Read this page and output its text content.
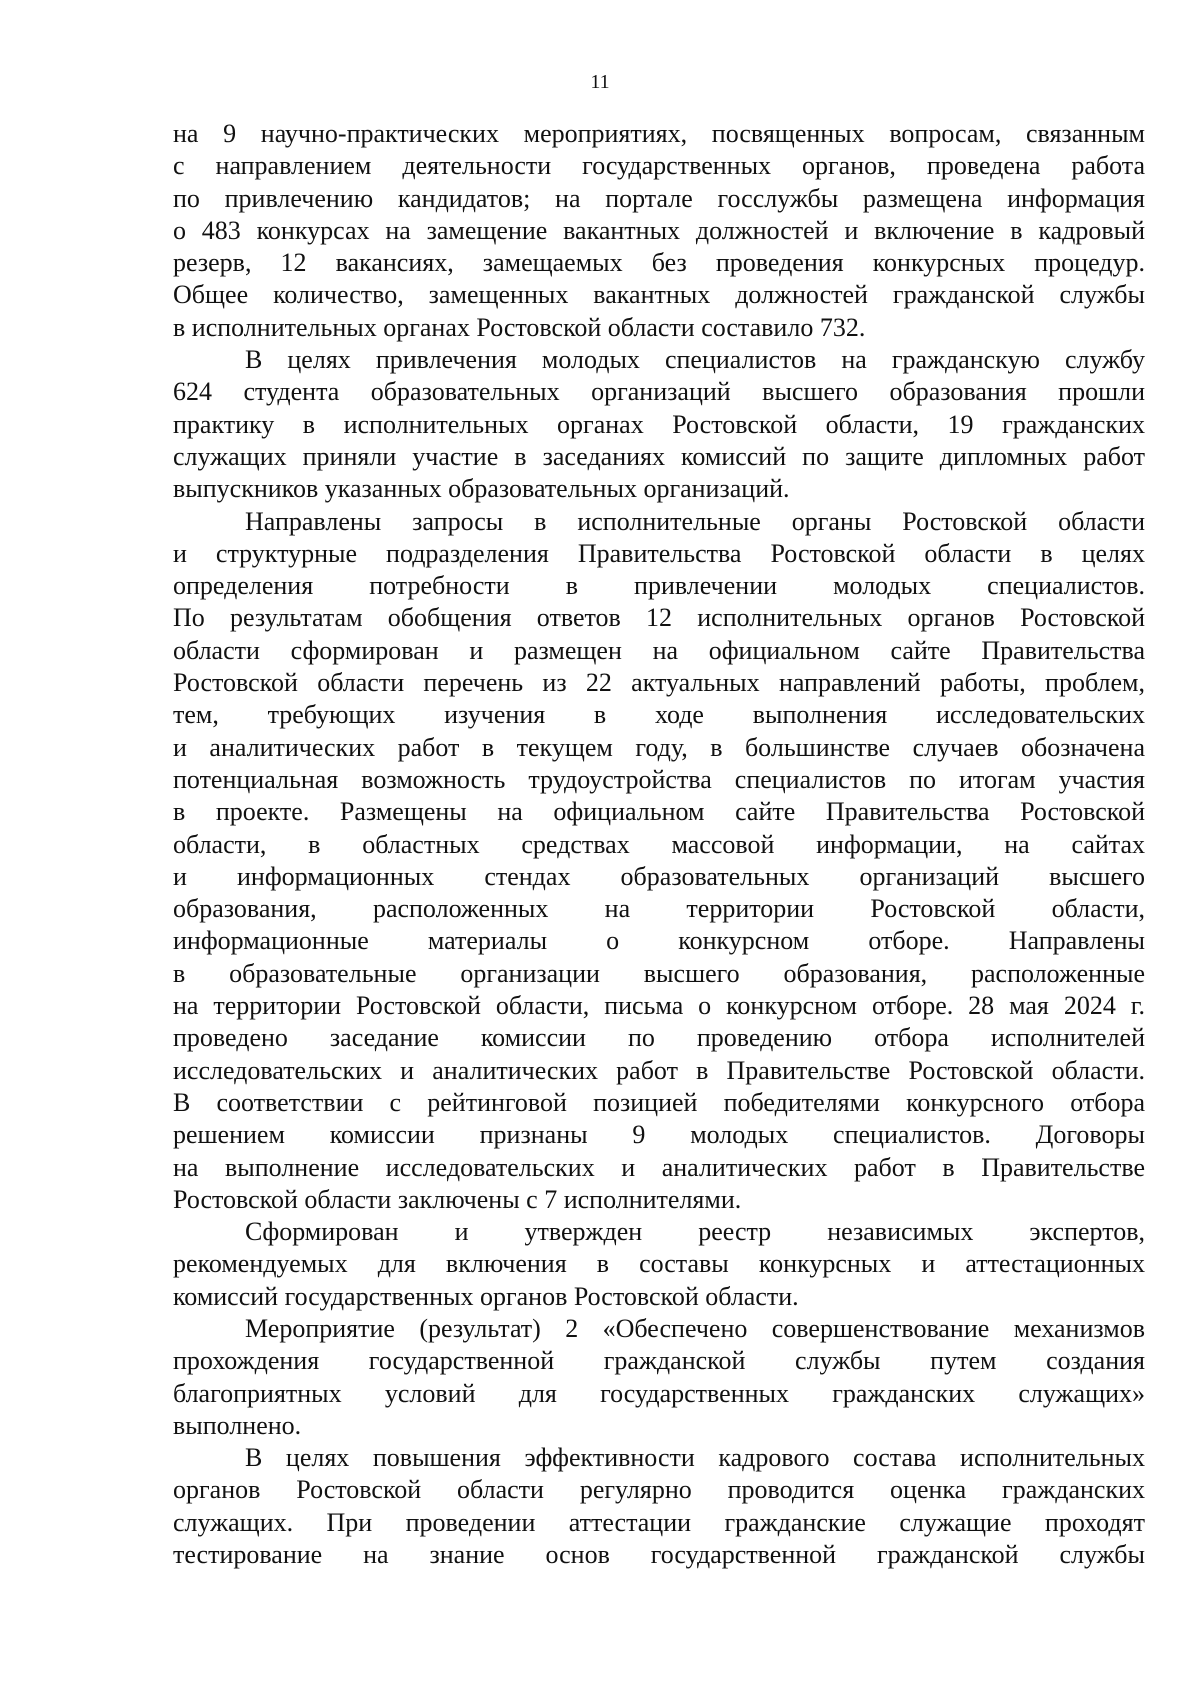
11

на 9 научно-практических мероприятиях, посвященных вопросам, связанным
с направлением деятельности государственных органов, проведена работа
по привлечению кандидатов; на портале госслужбы размещена информация
о 483 конкурсах на замещение вакантных должностей и включение в кадровый
резерв, 12 вакансиях, замещаемых без проведения конкурсных процедур.
Общее количество, замещенных вакантных должностей гражданской службы
в исполнительных органах Ростовской области составило 732.

В целях привлечения молодых специалистов на гражданскую службу
624 студента образовательных организаций высшего образования прошли
практику в исполнительных органах Ростовской области, 19 гражданских
служащих приняли участие в заседаниях комиссий по защите дипломных работ
выпускников указанных образовательных организаций.

Направлены запросы в исполнительные органы Ростовской области
и структурные подразделения Правительства Ростовской области в целях
определения потребности в привлечении молодых специалистов.
По результатам обобщения ответов 12 исполнительных органов Ростовской
области сформирован и размещен на официальном сайте Правительства
Ростовской области перечень из 22 актуальных направлений работы, проблем,
тем, требующих изучения в ходе выполнения исследовательских
и аналитических работ в текущем году, в большинстве случаев обозначена
потенциальная возможность трудоустройства специалистов по итогам участия
в проекте. Размещены на официальном сайте Правительства Ростовской
области, в областных средствах массовой информации, на сайтах
и информационных стендах образовательных организаций высшего
образования, расположенных на территории Ростовской области,
информационные материалы о конкурсном отборе. Направлены
в образовательные организации высшего образования, расположенные
на территории Ростовской области, письма о конкурсном отборе. 28 мая 2024 г.
проведено заседание комиссии по проведению отбора исполнителей
исследовательских и аналитических работ в Правительстве Ростовской области.
В соответствии с рейтинговой позицией победителями конкурсного отбора
решением комиссии признаны 9 молодых специалистов. Договоры
на выполнение исследовательских и аналитических работ в Правительстве
Ростовской области заключены с 7 исполнителями.

Сформирован и утвержден реестр независимых экспертов,
рекомендуемых для включения в составы конкурсных и аттестационных
комиссий государственных органов Ростовской области.

Мероприятие (результат) 2 «Обеспечено совершенствование механизмов
прохождения государственной гражданской службы путем создания
благоприятных условий для государственных гражданских служащих»
выполнено.

В целях повышения эффективности кадрового состава исполнительных
органов Ростовской области регулярно проводится оценка гражданских
служащих. При проведении аттестации гражданские служащие проходят
тестирование на знание основ государственной гражданской службы
